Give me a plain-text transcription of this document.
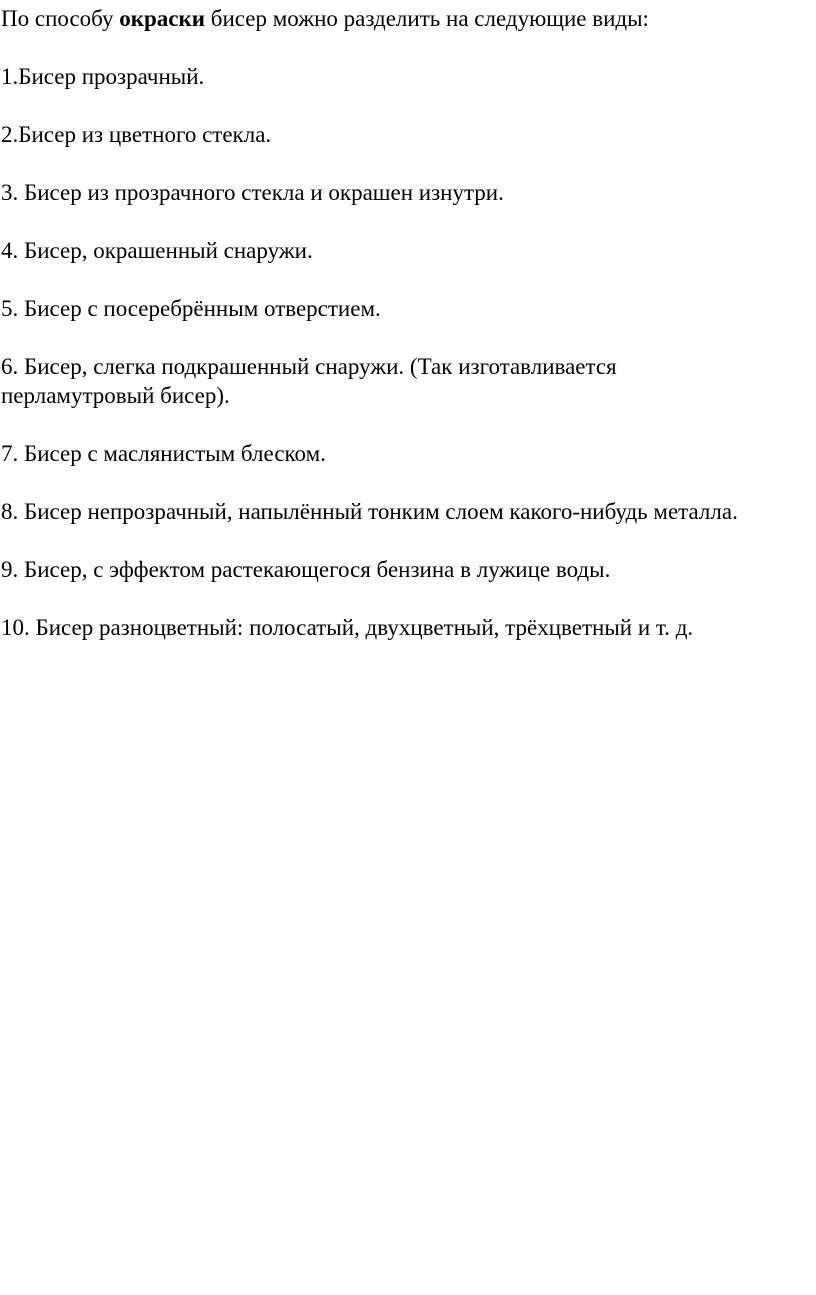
По способу окраски бисер можно разделить на следующие виды:

1.Бисер прозрачный.

2.Бисер из цветного стекла.

3. Бисер из прозрачного стекла и окрашен изнутри.

4. Бисер, окрашенный снаружи.

5. Бисер с посеребрённым отверстием.

6. Бисер, слегка подкрашенный снаружи. (Так изготавливается перламутровый бисер).

7. Бисер с маслянистым блеском.

8. Бисер непрозрачный, напылённый тонким слоем какого-нибудь металла.

9. Бисер, с эффектом растекающегося бензина в лужице воды.

10. Бисер разноцветный: полосатый, двухцветный, трёхцветный и т. д.
